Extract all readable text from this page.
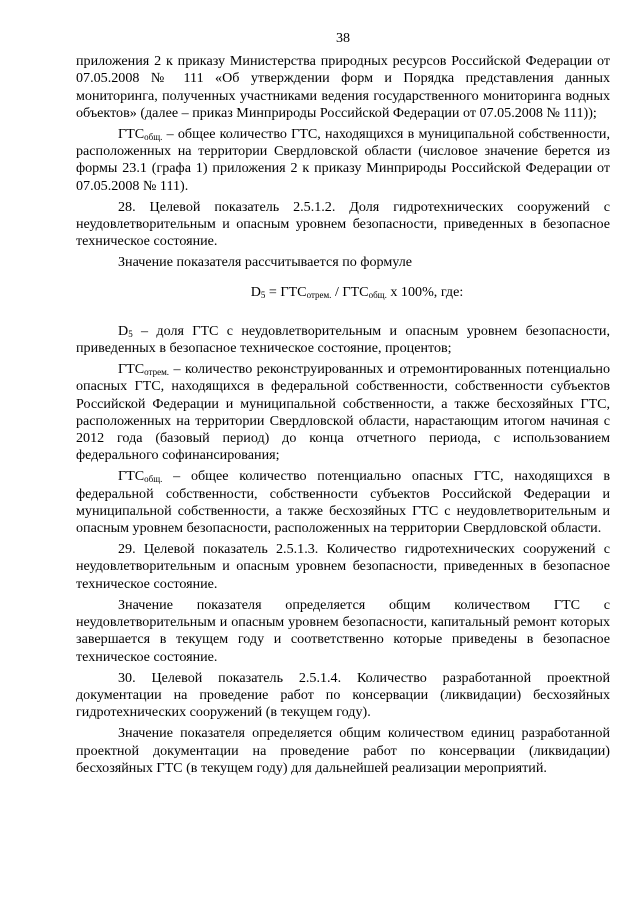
38

приложения 2 к приказу Министерства природных ресурсов Российской Федерации от 07.05.2008 № 111 «Об утверждении форм и Порядка представления данных мониторинга, полученных участниками ведения государственного мониторинга водных объектов» (далее – приказ Минприроды Российской Федерации от 07.05.2008 № 111));

$ГТС_{общ.}$ – общее количество ГТС, находящихся в муниципальной собственности, расположенных на территории Свердловской области (числовое значение берется из формы 23.1 (графа 1) приложения 2 к приказу Минприроды Российской Федерации от 07.05.2008 № 111).

28. Целевой показатель 2.5.1.2. Доля гидротехнических сооружений с неудовлетворительным и опасным уровнем безопасности, приведенных в безопасное техническое состояние.

Значение показателя рассчитывается по формуле

$D_5 = ГТС_{отрем.} / ГТС_{общ.}$ х 100%, где:

$D_5$ – доля ГТС с неудовлетворительным и опасным уровнем безопасности, приведенных в безопасное техническое состояние, процентов;

$ГТС_{отрем.}$ – количество реконструированных и отремонтированных потенциально опасных ГТС, находящихся в федеральной собственности, собственности субъектов Российской Федерации и муниципальной собственности, а также бесхозяйных ГТС, расположенных на территории Свердловской области, нарастающим итогом начиная с 2012 года (базовый период) до конца отчетного периода, с использованием федерального софинансирования;

$ГТС_{общ.}$ – общее количество потенциально опасных ГТС, находящихся в федеральной собственности, собственности субъектов Российской Федерации и муниципальной собственности, а также бесхозяйных ГТС с неудовлетворительным и опасным уровнем безопасности, расположенных на территории Свердловской области.

29. Целевой показатель 2.5.1.3. Количество гидротехнических сооружений с неудовлетворительным и опасным уровнем безопасности, приведенных в безопасное техническое состояние.

Значение показателя определяется общим количеством ГТС с неудовлетворительным и опасным уровнем безопасности, капитальный ремонт которых завершается в текущем году и соответственно которые приведены в безопасное техническое состояние.

30. Целевой показатель 2.5.1.4. Количество разработанной проектной документации на проведение работ по консервации (ликвидации) бесхозяйных гидротехнических сооружений (в текущем году).

Значение показателя определяется общим количеством единиц разработанной проектной документации на проведение работ по консервации (ликвидации) бесхозяйных ГТС (в текущем году) для дальнейшей реализации мероприятий.
